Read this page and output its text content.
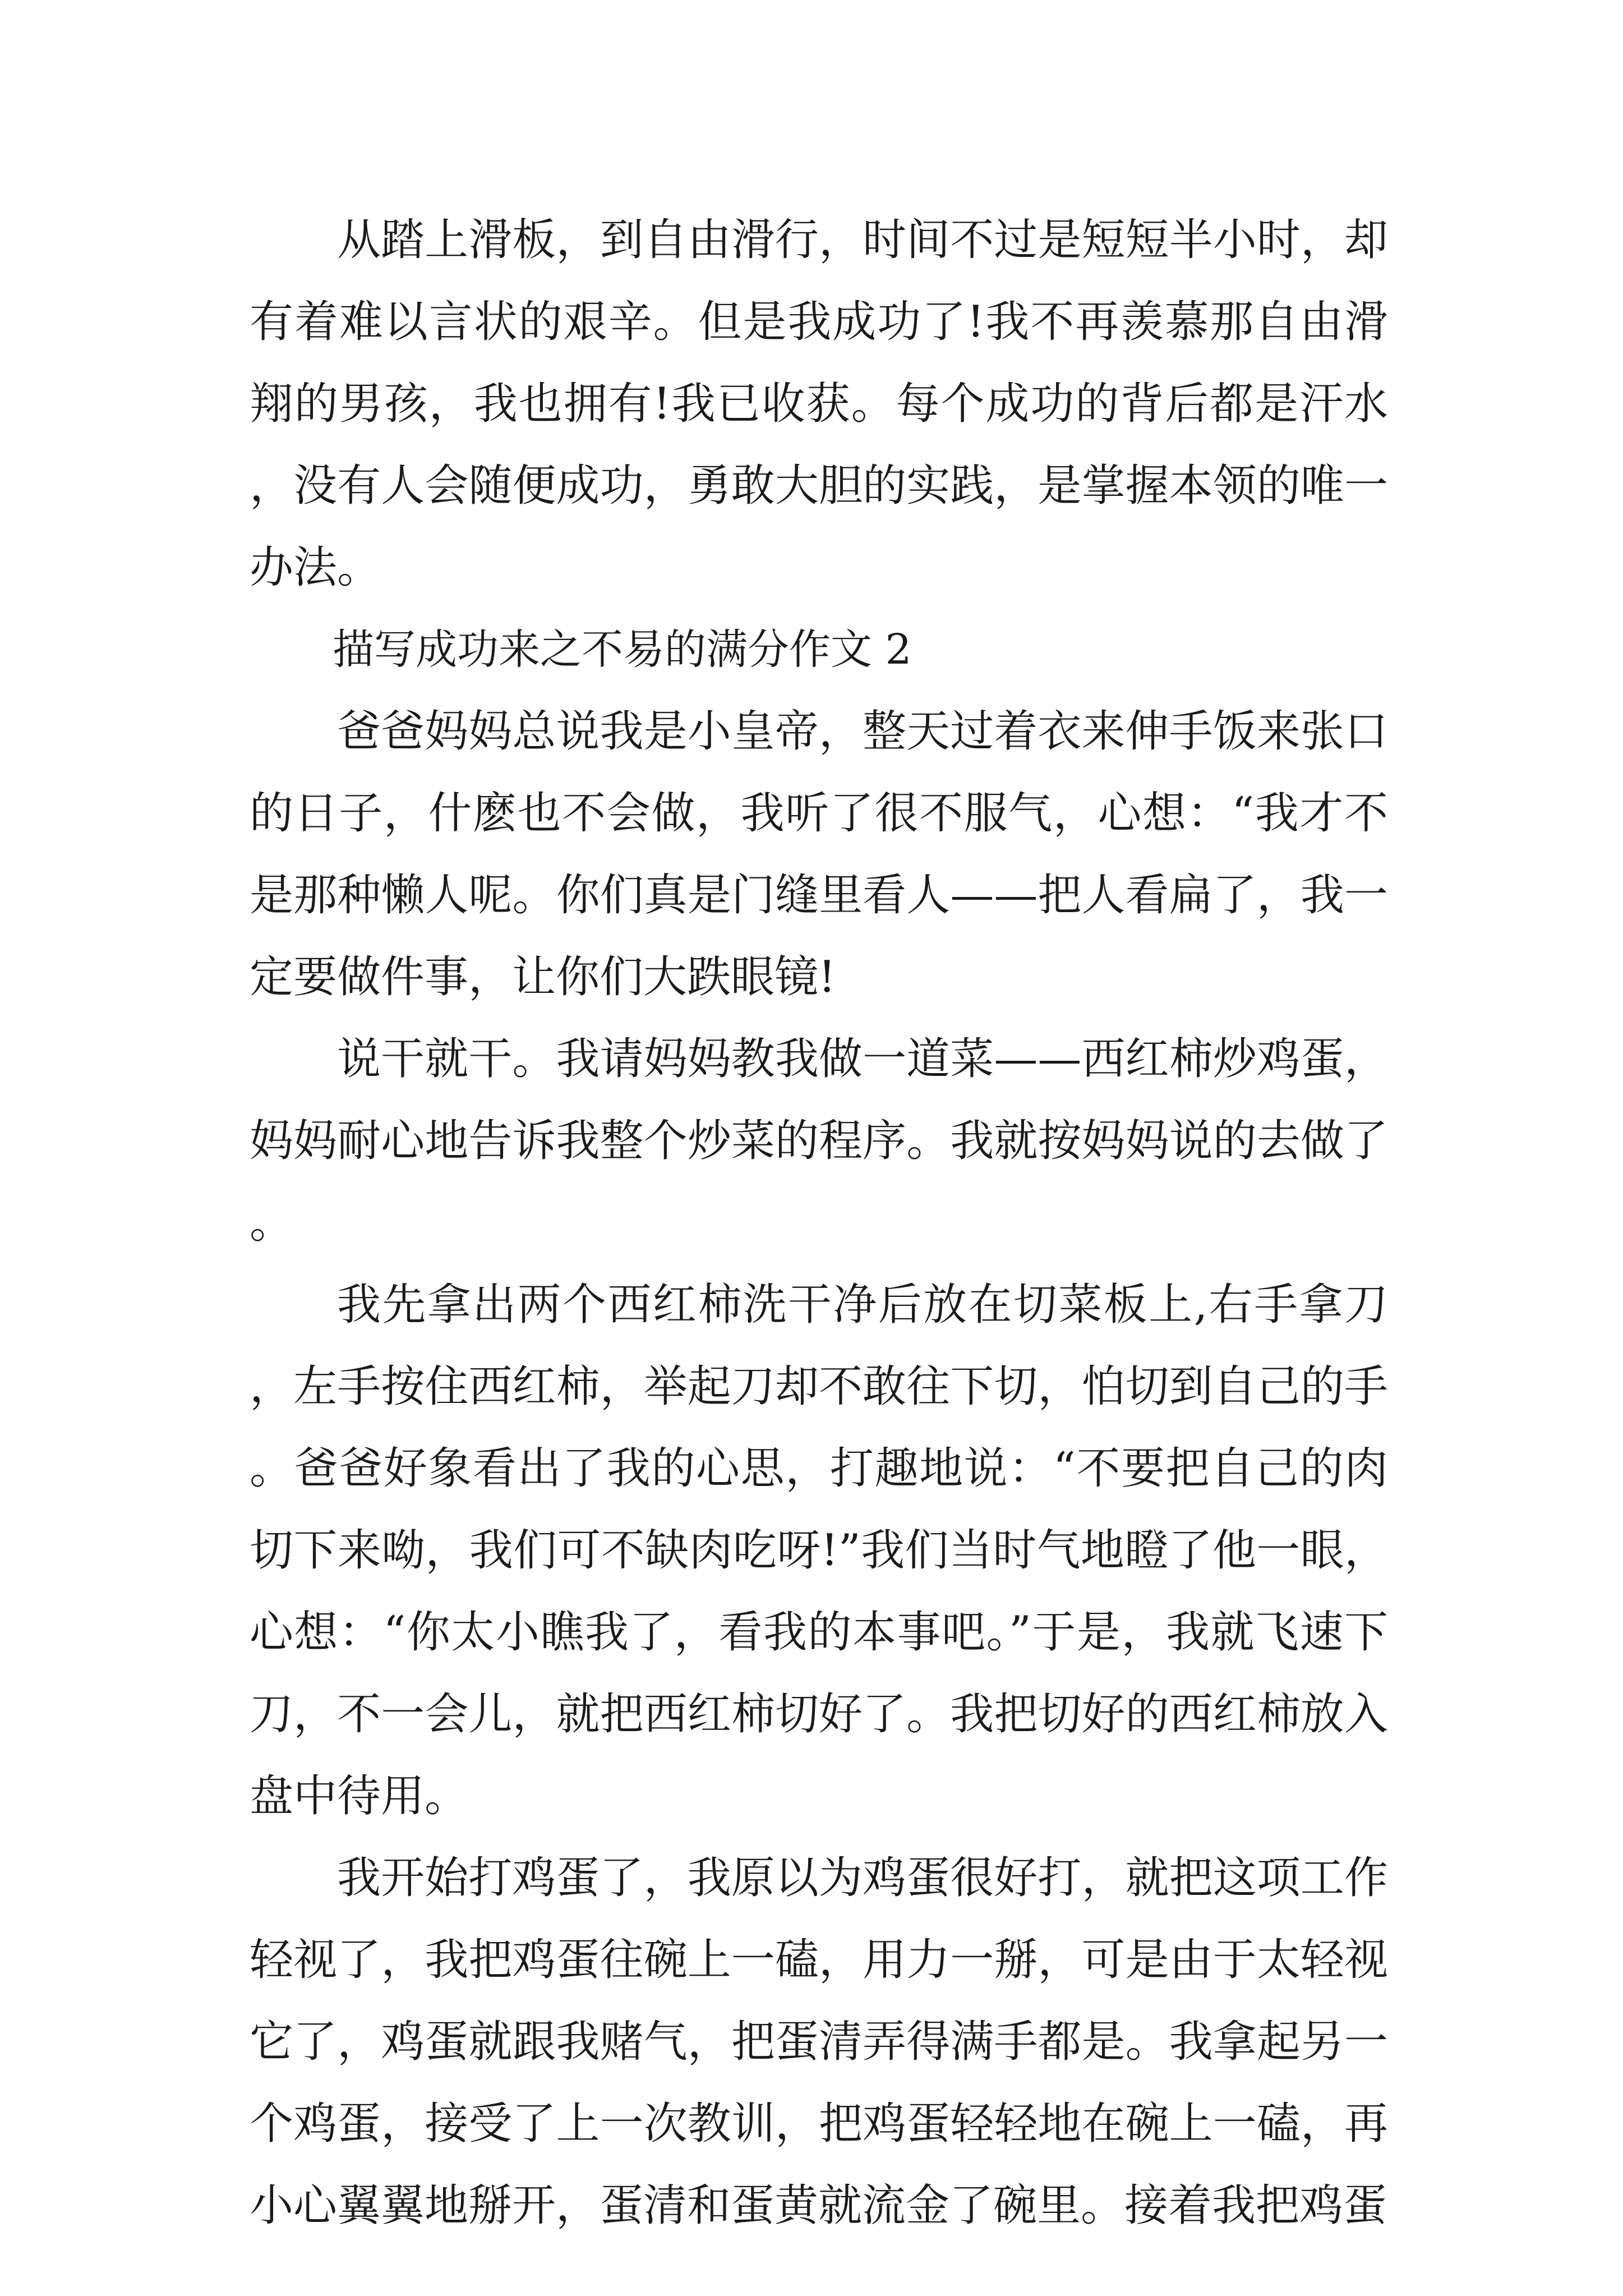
从踏上滑板，到自由滑行，时间不过是短短半小时，却有着难以言状的艰辛。但是我成功了!我不再羡慕那自由滑翔的男孩，我也拥有!我已收获。每个成功的背后都是汗水，没有人会随便成功，勇敢大胆的实践，是掌握本领的唯一办法。

描写成功来之不易的满分作文 2

爸爸妈妈总说我是小皇帝，整天过着衣来伸手饭来张口的日子，什麽也不会做，我听了很不服气，心想：“我才不是那种懒人呢。你们真是门缝里看人——把人看扁了，我一定要做件事，让你们大跌眼镜!

说干就干。我请妈妈教我做一道菜——西红柿炒鸡蛋，妈妈耐心地告诉我整个炒菜的程序。我就按妈妈说的去做了。

我先拿出两个西红柿洗干净后放在切菜板上,右手拿刀，左手按住西红柿，举起刀却不敢往下切，怕切到自己的手。爸爸好象看出了我的心思，打趣地说：“不要把自己的肉切下来呦，我们可不缺肉吃呀!”我们当时气地瞪了他一眼，心想：“你太小瞧我了，看我的本事吧。”于是，我就飞速下刀，不一会儿，就把西红柿切好了。我把切好的西红柿放入盘中待用。

我开始打鸡蛋了，我原以为鸡蛋很好打，就把这项工作轻视了，我把鸡蛋往碗上一磕，用力一掰，可是由于太轻视它了，鸡蛋就跟我赌气，把蛋清弄得满手都是。我拿起另一个鸡蛋，接受了上一次教训，把鸡蛋轻轻地在碗上一磕，再小心翼翼地掰开，蛋清和蛋黄就流金了碗里。接着我把鸡蛋
